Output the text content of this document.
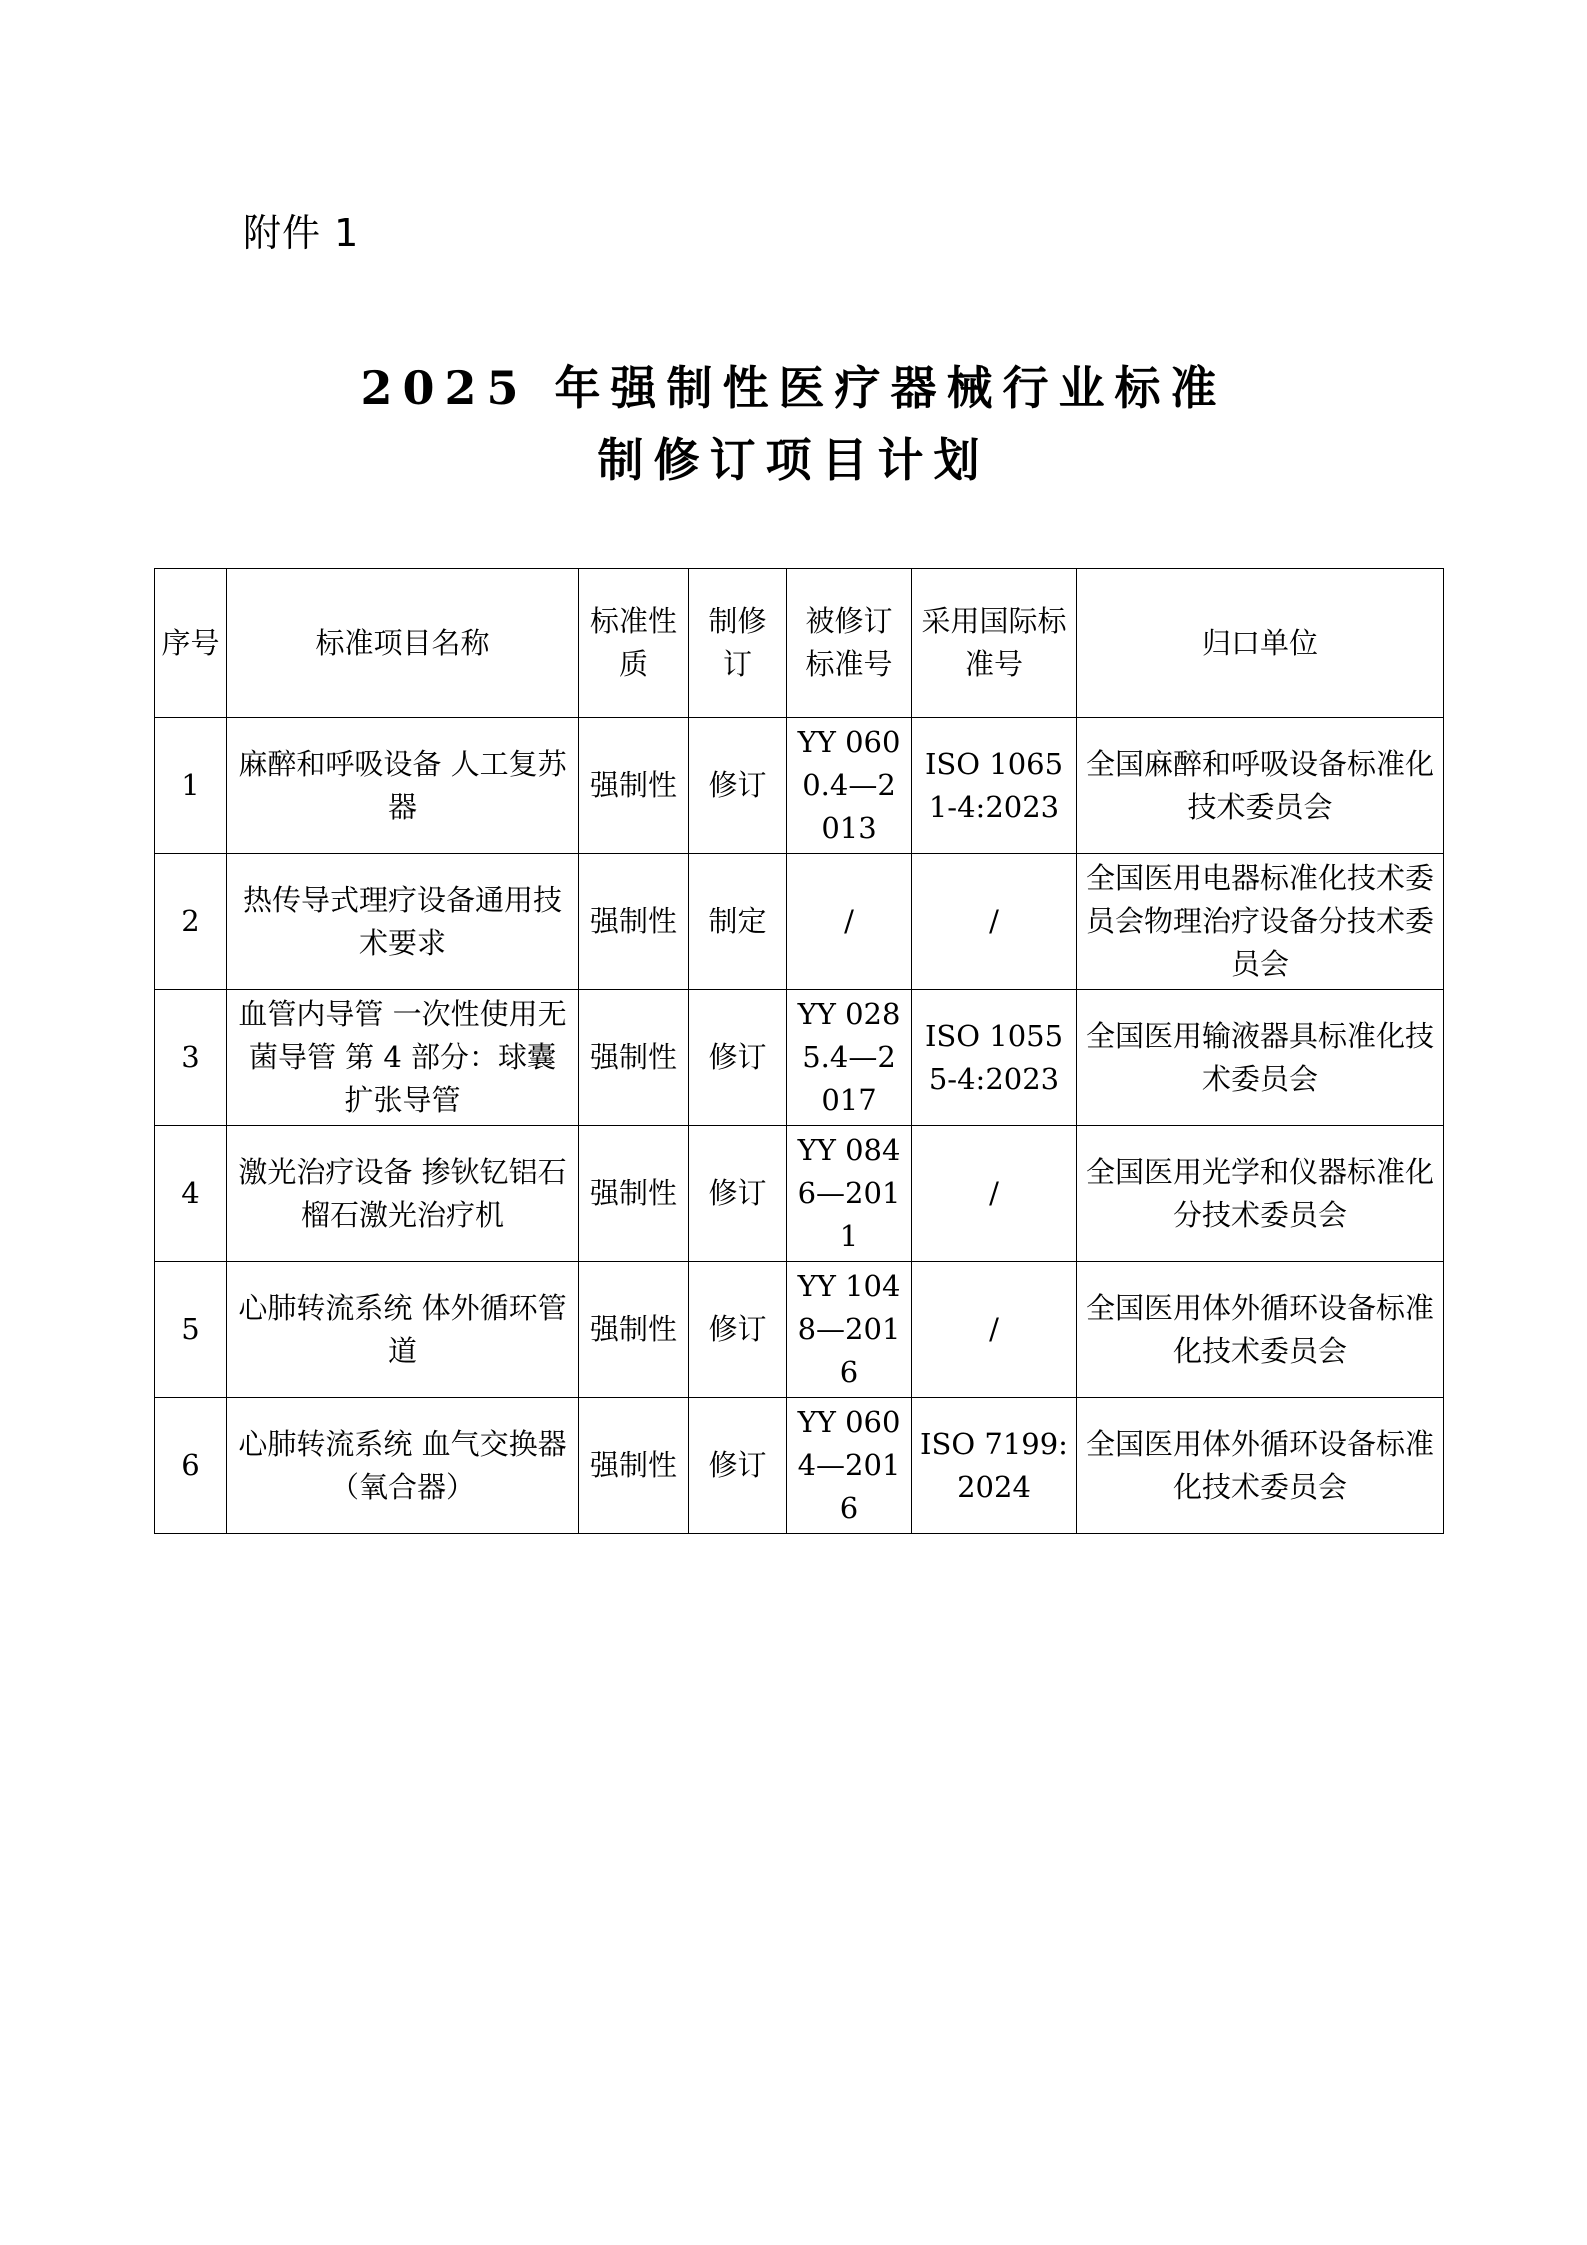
附件 1
2025 年强制性医疗器械行业标准
制修订项目计划
序号	标准项目名称	标准性质	制修订	被修订标准号	采用国际标准号	归口单位
1	麻醉和呼吸设备 人工复苏器	强制性	修订	YY 0600.4—2013	ISO 10651-4:2023	全国麻醉和呼吸设备标准化技术委员会
2	热传导式理疗设备通用技术要求	强制性	制定	/	/	全国医用电器标准化技术委员会物理治疗设备分技术委员会
3	血管内导管 一次性使用无菌导管 第 4 部分：球囊扩张导管	强制性	修订	YY 0285.4—2017	ISO 10555-4:2023	全国医用输液器具标准化技术委员会
4	激光治疗设备 掺钬钇铝石榴石激光治疗机	强制性	修订	YY 0846—2011	/	全国医用光学和仪器标准化分技术委员会
5	心肺转流系统 体外循环管道	强制性	修订	YY 1048—2016	/	全国医用体外循环设备标准化技术委员会
6	心肺转流系统 血气交换器（氧合器）	强制性	修订	YY 0604—2016	ISO 7199:2024	全国医用体外循环设备标准化技术委员会
